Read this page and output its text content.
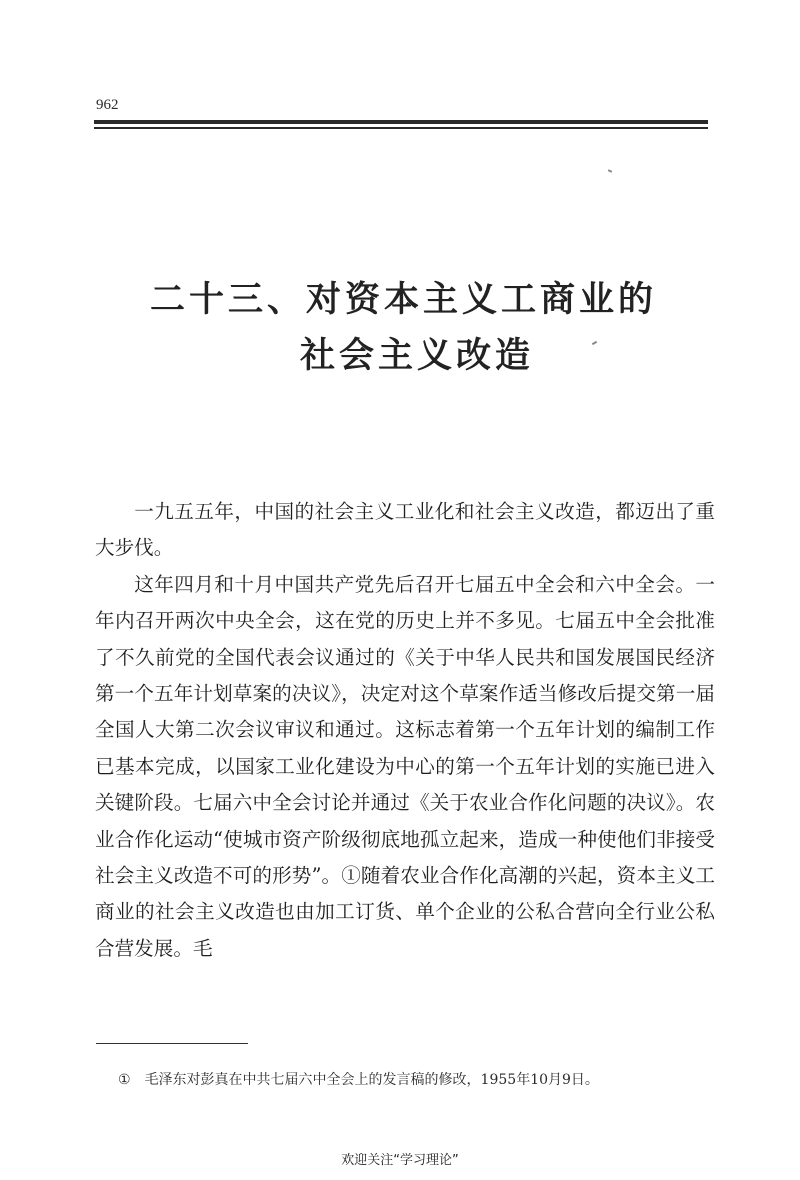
962
二十三、对资本主义工商业的
社会主义改造

一九五五年，中国的社会主义工业化和社会主义改造，都迈出了重大步伐。

这年四月和十月中国共产党先后召开七届五中全会和六中全会。一年内召开两次中央全会，这在党的历史上并不多见。七届五中全会批准了不久前党的全国代表会议通过的《关于中华人民共和国发展国民经济第一个五年计划草案的决议》，决定对这个草案作适当修改后提交第一届全国人大第二次会议审议和通过。这标志着第一个五年计划的编制工作已基本完成，以国家工业化建设为中心的第一个五年计划的实施已进入关键阶段。七届六中全会讨论并通过《关于农业合作化问题的决议》。农业合作化运动“使城市资产阶级彻底地孤立起来，造成一种使他们非接受社会主义改造不可的形势”。①随着农业合作化高潮的兴起，资本主义工商业的社会主义改造也由加工订货、单个企业的公私合营向全行业公私合营发展。毛

① 毛泽东对彭真在中共七届六中全会上的发言稿的修改，1955年10月9日。
欢迎关注“学习理论”
